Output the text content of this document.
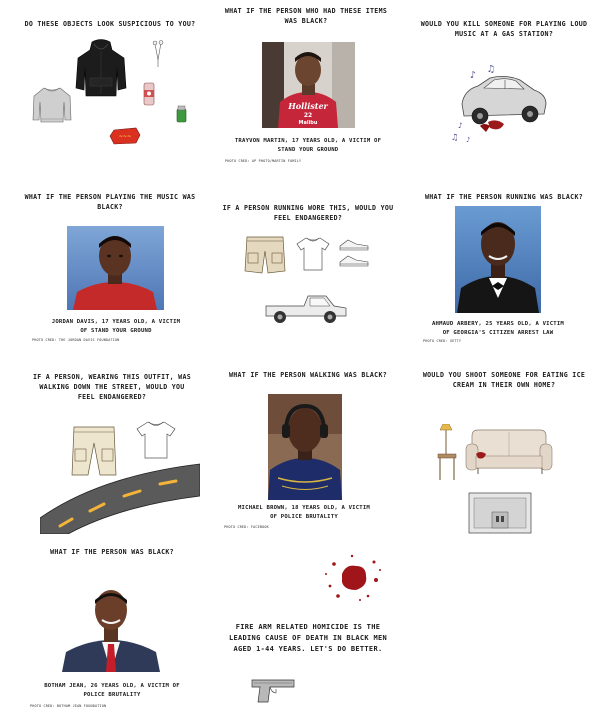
DO THESE OBJECTS LOOK SUSPICIOUS TO YOU?
~~~
WHAT IF THE PERSON WHO HAD THESE ITEMS WAS BLACK?
Hollister
22
Malibu
TRAYVON MARTIN, 17 YEARS OLD, A VICTIM OF STAND YOUR GROUND
PHOTO CRED: AP PHOTO/MARTIN FAMILY
WOULD YOU KILL SOMEONE FOR PLAYING LOUD MUSIC AT A GAS STATION?
♪
♫
♪
♫ ♪
WHAT IF THE PERSON PLAYING THE MUSIC WAS BLACK?
JORDAN DAVIS, 17 YEARS OLD, A VICTIM OF STAND YOUR GROUND
PHOTO CRED: THE JORDAN DAVIS FOUNDATION
IF A PERSON RUNNING WORE THIS, WOULD YOU FEEL ENDANGERED?
WHAT IF THE PERSON RUNNING WAS BLACK?
AHMAUD ARBERY, 25 YEARS OLD, A VICTIM OF GEORGIA'S CITIZEN ARREST LAW
PHOTO CRED: GETTY
IF A PERSON, WEARING THIS OUTFIT, WAS WALKING DOWN THE STREET, WOULD YOU FEEL ENDANGERED?
WHAT IF THE PERSON WALKING WAS BLACK?
MICHAEL BROWN, 18 YEARS OLD, A VICTIM OF POLICE BRUTALITY
PHOTO CRED: FACEBOOK
WOULD YOU SHOOT SOMEONE FOR EATING ICE CREAM IN THEIR OWN HOME?
WHAT IF THE PERSON WAS BLACK?
BOTHAM JEAN, 26 YEARS OLD, A VICTIM OF POLICE BRUTALITY
PHOTO CRED: BOTHAM JEAN FOUNDATION
FIRE ARM RELATED HOMICIDE IS THE LEADING CAUSE OF DEATH IN BLACK MEN AGED 1-44 YEARS. LET'S DO BETTER.
